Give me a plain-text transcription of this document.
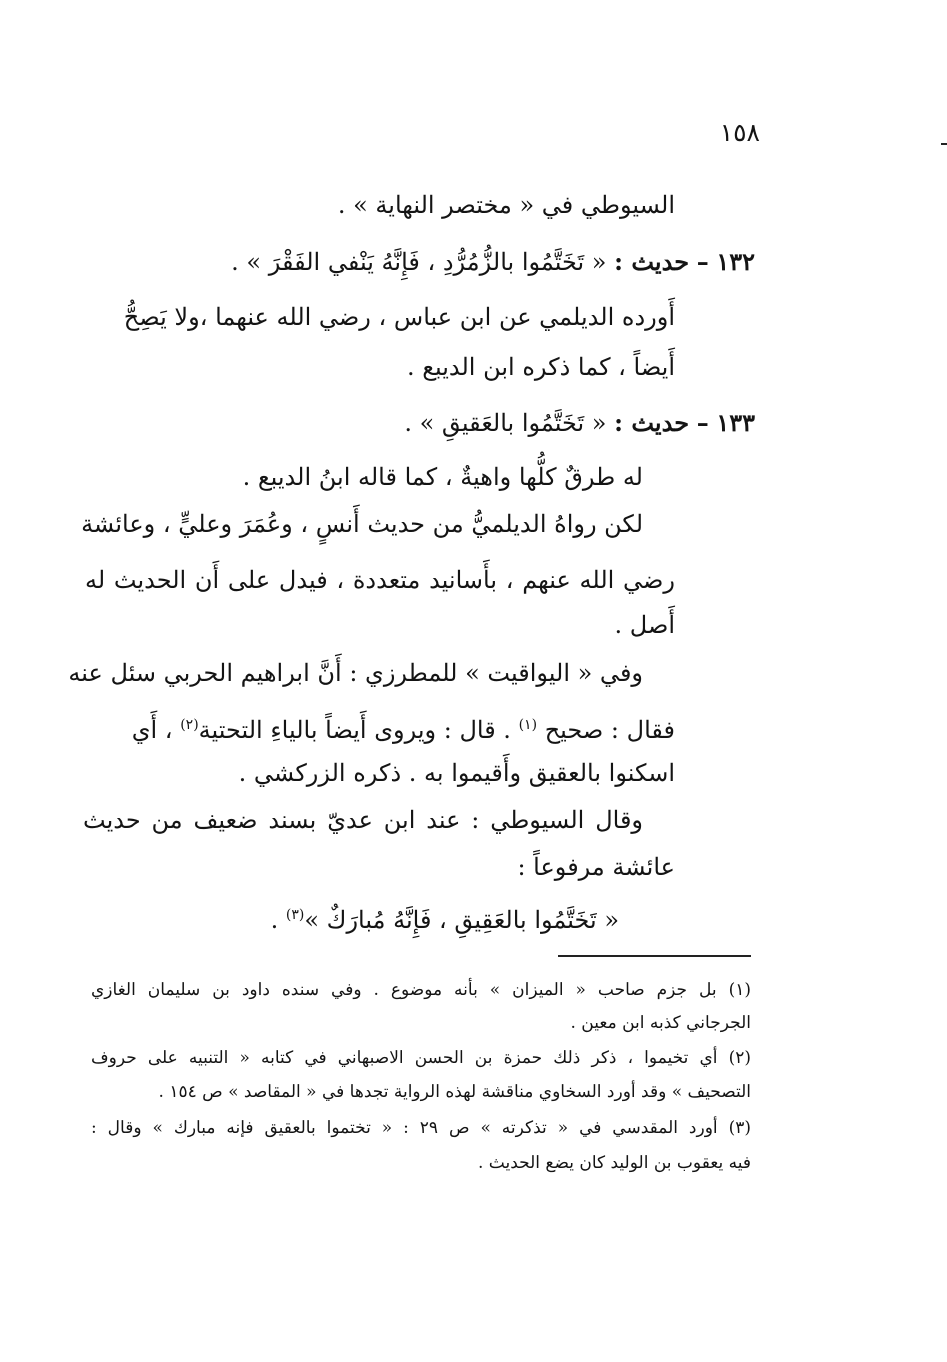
١٥٨
السيوطي في « مختصر النهاية » .
١٣٢ – حديث : « تَخَتَّمُوا بالزُّمُرُّدِ ، فَإِنَّهُ يَنْفي الفَقْرَ » .
أَورده الديلمي عن ابن عباس ، رضي الله عنهما ،ولا يَصِحُّ
أَيضاً ، كما ذكره ابن الديبع .
١٣٣ – حديث : « تَخَتَّمُوا بالعَقيقِ » .
له طرقٌ كلُّها واهيةٌ ، كما قاله ابنُ الديبع .
لكن رواهُ الديلميُّ من حديث أَنسٍ ، وعُمَرَ وعليٍّ ، وعائشة
رضي الله عنهم ، بأَسانيد متعددة ، فيدل على أَن الحديث له
أَصل .
وفي « اليواقيت » للمطرزي : أَنَّ ابراهيم الحربي سئل عنه
فقال : صحيح $^{(١)}$ . قال : ويروى أَيضاً بالياءِ التحتية$^{(٢)}$ ، أَي
اسكنوا بالعقيق وأَقيموا به . ذكره الزركشي .
وقال السيوطي : عند ابن عديّ بسند ضعيف من حديث
عائشة مرفوعاً :
« تَخَتَّمُوا بالعَقِيقِ ، فَإِنَّهُ مُبارَكٌ »$^{(٣)}$ .
(١) بل جزم صاحب « الميزان » بأنه موضوع . وفي سنده داود بن سليمان الغازي
الجرجاني كذبه ابن معين .
(٢) أي تخيموا ، ذكر ذلك حمزة بن الحسن الاصبهاني في كتابه « التنبيه على حروف
التصحيف » وقد أورد السخاوي مناقشة لهذه الرواية تجدها في « المقاصد » ص ١٥٤ .
(٣) أورد المقدسي في « تذكرته » ص ٢٩ : « تختموا بالعقيق فإنه مبارك » وقال :
فيه يعقوب بن الوليد كان يضع الحديث .
